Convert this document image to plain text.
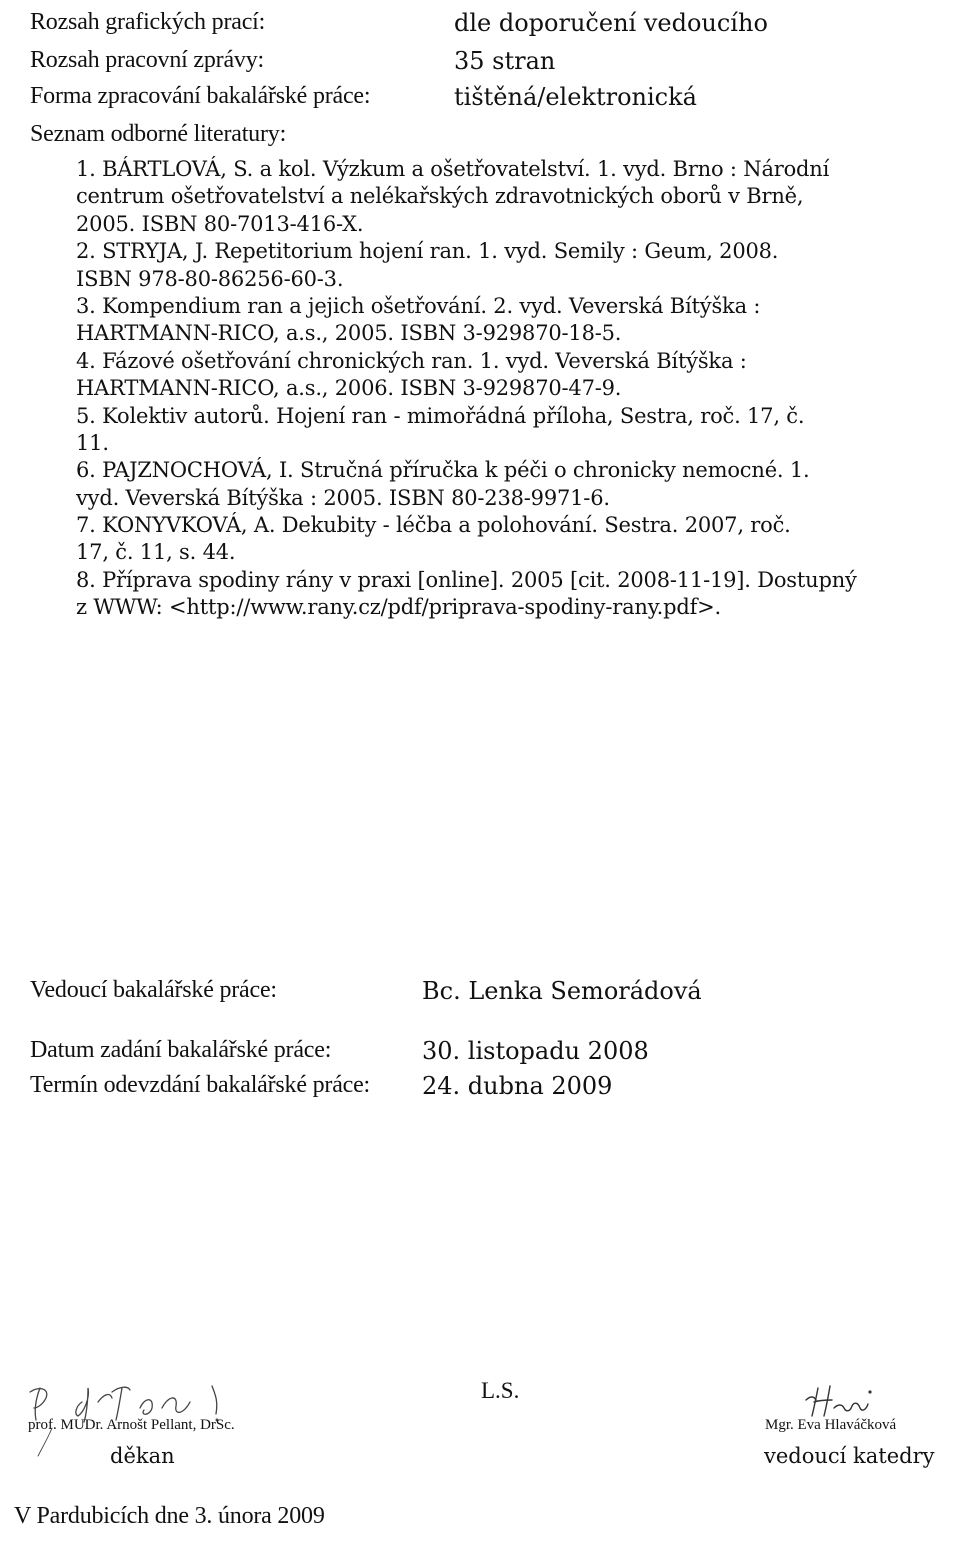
Rozsah grafických prací:	dle doporučení vedoucího
Rozsah pracovní zprávy:	35 stran
Forma zpracování bakalářské práce:	tištěná/elektronická
Seznam odborné literatury:
1. BÁRTLOVÁ, S. a kol. Výzkum a ošetřovatelství. 1. vyd. Brno : Národní
centrum ošetřovatelství a nelékařských zdravotnických oborů v Brně,
2005. ISBN 80-7013-416-X.
2. STRYJA, J. Repetitorium hojení ran. 1. vyd. Semily : Geum, 2008.
ISBN 978-80-86256-60-3.
3. Kompendium ran a jejich ošetřování. 2. vyd. Veverská Bítýška :
HARTMANN-RICO, a.s., 2005. ISBN 3-929870-18-5.
4. Fázové ošetřování chronických ran. 1. vyd. Veverská Bítýška :
HARTMANN-RICO, a.s., 2006. ISBN 3-929870-47-9.
5. Kolektiv autorů. Hojení ran - mimořádná příloha, Sestra, roč. 17, č.
11.
6. PAJZNOCHOVÁ, I. Stručná příručka k péči o chronicky nemocné. 1.
vyd. Veverská Bítýška : 2005. ISBN 80-238-9971-6.
7. KONYVKOVÁ, A. Dekubity - léčba a polohování. Sestra. 2007, roč.
17, č. 11, s. 44.
8. Příprava spodiny rány v praxi [online]. 2005 [cit. 2008-11-19]. Dostupný
z WWW: <http://www.rany.cz/pdf/priprava-spodiny-rany.pdf>.
Vedoucí bakalářské práce:	Bc. Lenka Semorádová
Datum zadání bakalářské práce:	30. listopadu 2008
Termín odevzdání bakalářské práce: 24. dubna 2009
prof. MUDr. Arnošt Pellant, DrSc.
děkan
L.S.
Mgr. Eva Hlaváčková
vedoucí katedry
V Pardubicích dne 3. února 2009
